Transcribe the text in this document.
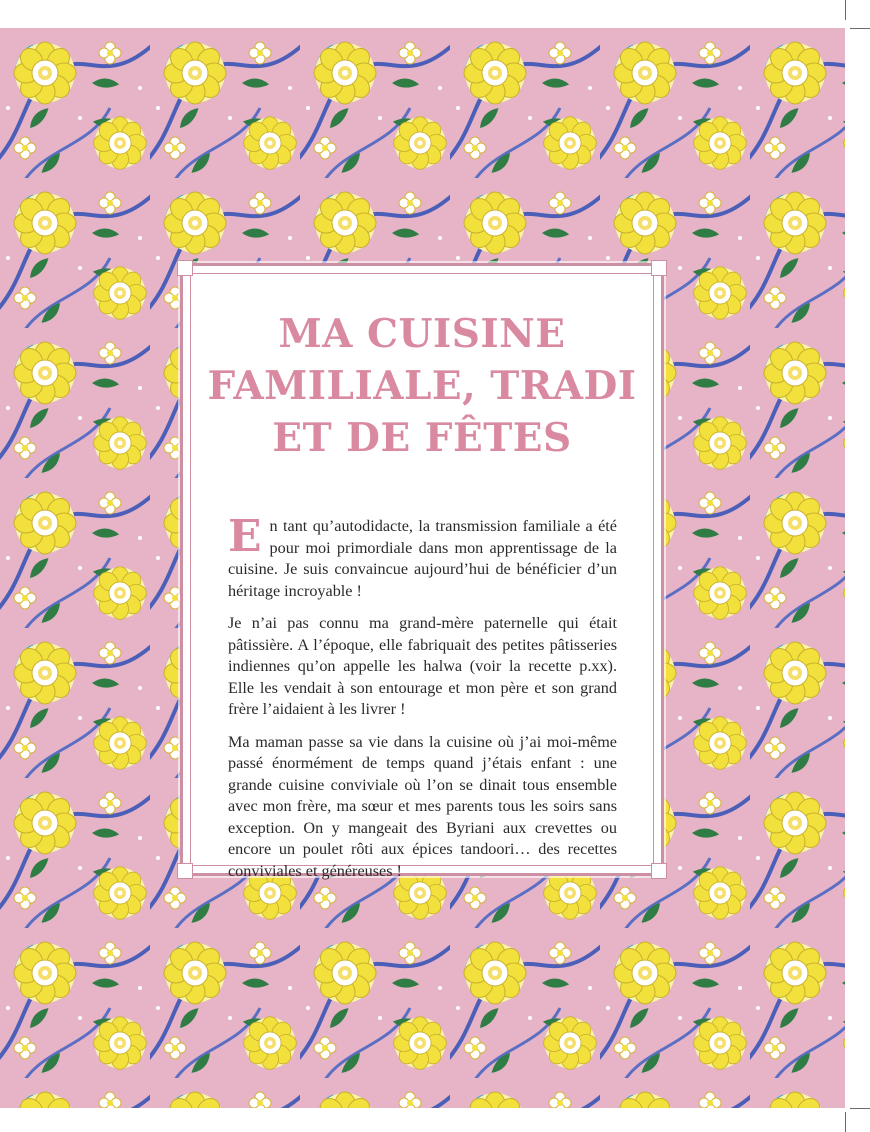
MA CUISINE
FAMILIALE, TRADI
ET DE FÊTES

En tant qu’autodidacte, la transmission familiale a été pour moi primordiale dans mon apprentissage de la cuisine. Je suis convaincue aujourd’hui de bénéficier d’un héritage incroyable !

Je n’ai pas connu ma grand-mère paternelle qui était pâtissière. A l’époque, elle fabriquait des petites pâtisseries indiennes qu’on appelle les halwa (voir la recette p.xx). Elle les vendait à son entourage et mon père et son grand frère l’aidaient à les livrer !

Ma maman passe sa vie dans la cuisine où j’ai moi-même passé énormément de temps quand j’étais enfant : une grande cuisine conviviale où l’on se dinait tous ensemble avec mon frère, ma sœur et mes parents tous les soirs sans exception. On y mangeait des Byriani aux crevettes ou encore un poulet rôti aux épices tandoori… des recettes conviviales et généreuses !
